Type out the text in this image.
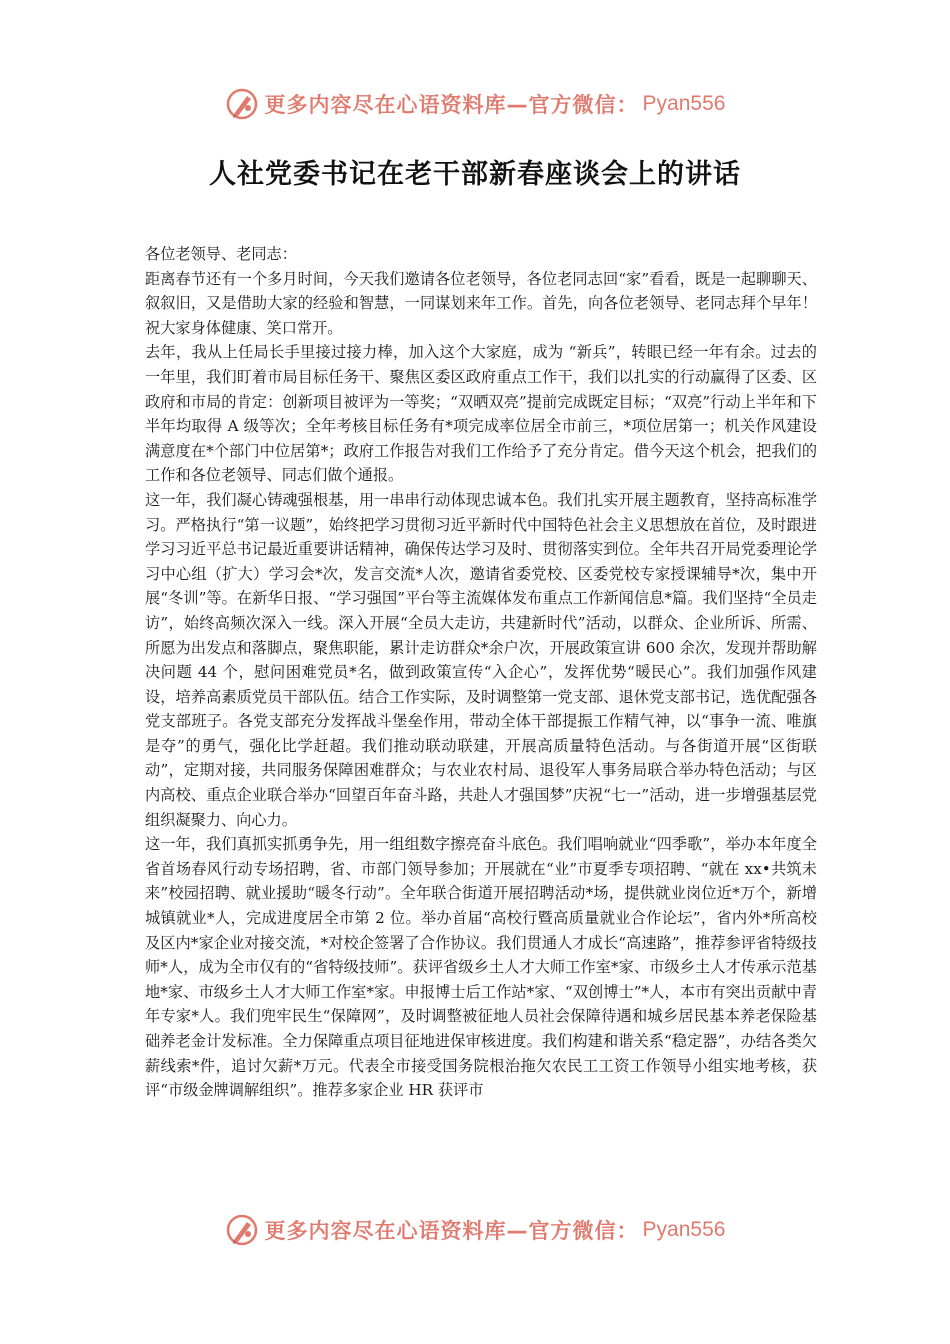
更多内容尽在心语资料库—官方微信： Pyan556
人社党委书记在老干部新春座谈会上的讲话

各位老领导、老同志：

距离春节还有一个多月时间，今天我们邀请各位老领导，各位老同志回“家”看看，既是一起聊聊天、叙叙旧，又是借助大家的经验和智慧，一同谋划来年工作。首先，向各位老领导、老同志拜个早年！祝大家身体健康、笑口常开。

去年，我从上任局长手里接过接力棒，加入这个大家庭，成为 “新兵”，转眼已经一年有余。过去的一年里，我们盯着市局目标任务干、聚焦区委区政府重点工作干，我们以扎实的行动赢得了区委、区政府和市局的肯定：创新项目被评为一等奖；“双晒双亮”提前完成既定目标；“双亮”行动上半年和下半年均取得 A 级等次；全年考核目标任务有*项完成率位居全市前三，*项位居第一；机关作风建设满意度在*个部门中位居第*；政府工作报告对我们工作给予了充分肯定。借今天这个机会，把我们的工作和各位老领导、同志们做个通报。

这一年，我们凝心铸魂强根基，用一串串行动体现忠诚本色。我们扎实开展主题教育，坚持高标准学习。严格执行“第一议题”，始终把学习贯彻习近平新时代中国特色社会主义思想放在首位，及时跟进学习习近平总书记最近重要讲话精神，确保传达学习及时、贯彻落实到位。全年共召开局党委理论学习中心组（扩大）学习会*次，发言交流*人次，邀请省委党校、区委党校专家授课辅导*次，集中开展“冬训”等。在新华日报、“学习强国”平台等主流媒体发布重点工作新闻信息*篇。我们坚持“全员走访”，始终高频次深入一线。深入开展“全员大走访，共建新时代”活动，以群众、企业所诉、所需、所愿为出发点和落脚点，聚焦职能，累计走访群众*余户次，开展政策宣讲 600 余次，发现并帮助解决问题 44 个，慰问困难党员*名，做到政策宣传“入企心”，发挥优势“暖民心”。我们加强作风建设，培养高素质党员干部队伍。结合工作实际，及时调整第一党支部、退休党支部书记，选优配强各党支部班子。各党支部充分发挥战斗堡垒作用，带动全体干部提振工作精气神，以“事争一流、唯旗是夺”的勇气，强化比学赶超。我们推动联动联建，开展高质量特色活动。与各街道开展“区街联动”，定期对接，共同服务保障困难群众；与农业农村局、退役军人事务局联合举办特色活动；与区内高校、重点企业联合举办“回望百年奋斗路，共赴人才强国梦”庆祝“七一”活动，进一步增强基层党组织凝聚力、向心力。

这一年，我们真抓实抓勇争先，用一组组数字擦亮奋斗底色。我们唱响就业“四季歌”，举办本年度全省首场春风行动专场招聘，省、市部门领导参加；开展就在“业”市夏季专项招聘、“就在 xx•共筑未来”校园招聘、就业援助“暖冬行动”。全年联合街道开展招聘活动*场，提供就业岗位近*万个，新增城镇就业*人，完成进度居全市第 2 位。举办首届“高校行暨高质量就业合作论坛”，省内外*所高校及区内*家企业对接交流，*对校企签署了合作协议。我们贯通人才成长“高速路”，推荐参评省特级技师*人，成为全市仅有的“省特级技师”。获评省级乡土人才大师工作室*家、市级乡土人才传承示范基地*家、市级乡土人才大师工作室*家。申报博士后工作站*家、“双创博士”*人，本市有突出贡献中青年专家*人。我们兜牢民生“保障网”，及时调整被征地人员社会保障待遇和城乡居民基本养老保险基础养老金计发标准。全力保障重点项目征地进保审核进度。我们构建和谐关系“稳定器”，办结各类欠薪线索*件，追讨欠薪*万元。代表全市接受国务院根治拖欠农民工工资工作领导小组实地考核，获评“市级金牌调解组织”。推荐多家企业 HR 获评市

更多内容尽在心语资料库—官方微信： Pyan556
